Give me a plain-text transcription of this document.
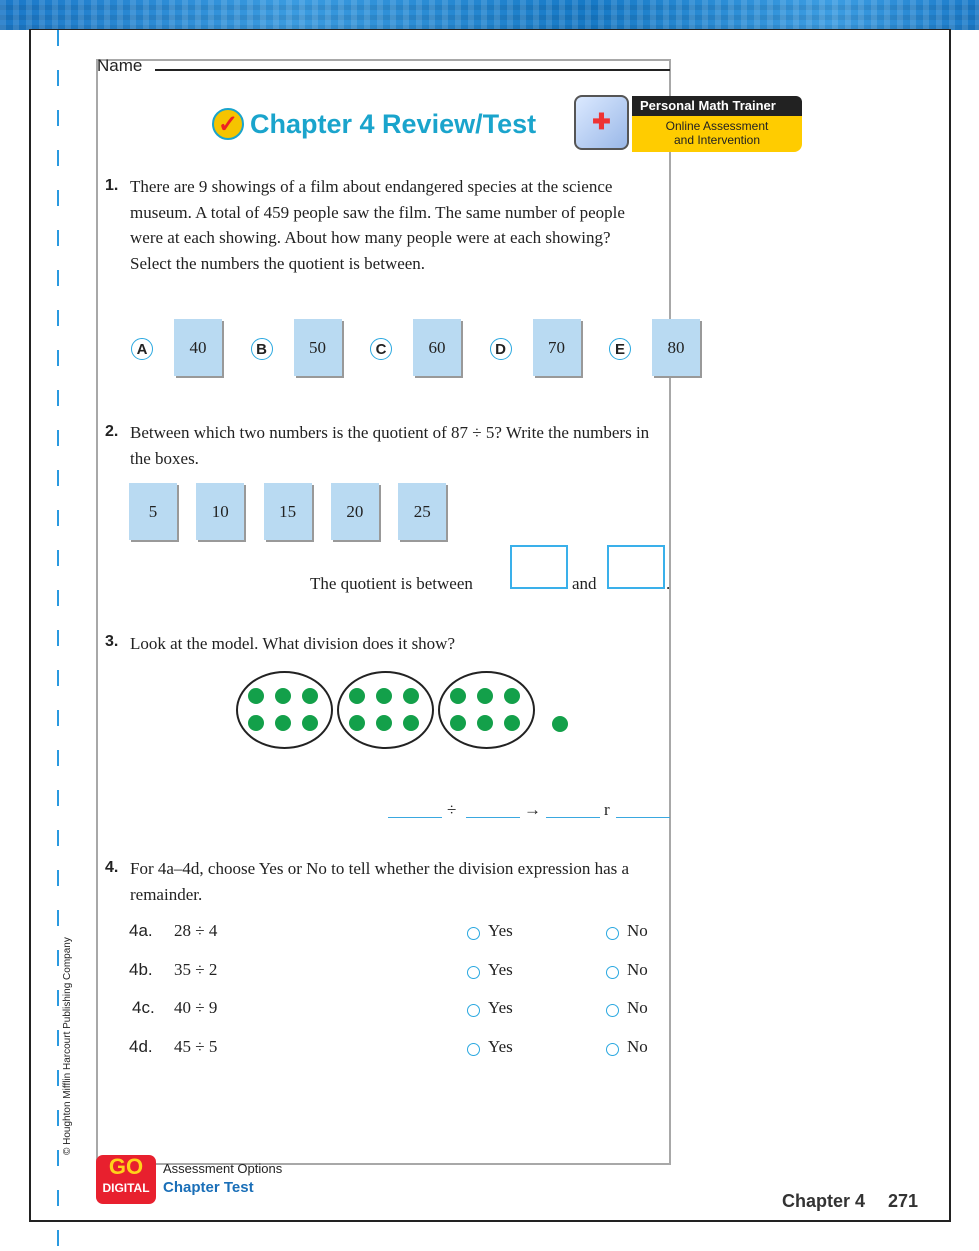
Name
✓ Chapter 4 Review/Test	✚
Personal Math Trainer
Online Assessment
and Intervention
1. There are 9 showings of a film about endangered species at the science museum. A total of 459 people saw the film. The same number of people were at each showing. About how many people were at each showing? Select the numbers the quotient is between.
A	40	B	50	C	60	D	70	E	80
2. Between which two numbers is the quotient of 87 ÷ 5? Write the numbers in the boxes.
5	10	15	20	25
The quotient is between	and	.
3. Look at the model. What division does it show?
÷	→	r
4. For 4a–4d, choose Yes or No to tell whether the division expression has a remainder.
4a. 28 ÷ 4	Yes	No
4b. 35 ÷ 2	Yes	No
4c. 40 ÷ 9	Yes	No
4d. 45 ÷ 5	Yes	No
© Houghton Mifflin Harcourt Publishing Company
GO
DIGITAL
Assessment Options
Chapter Test
Chapter 4 271
